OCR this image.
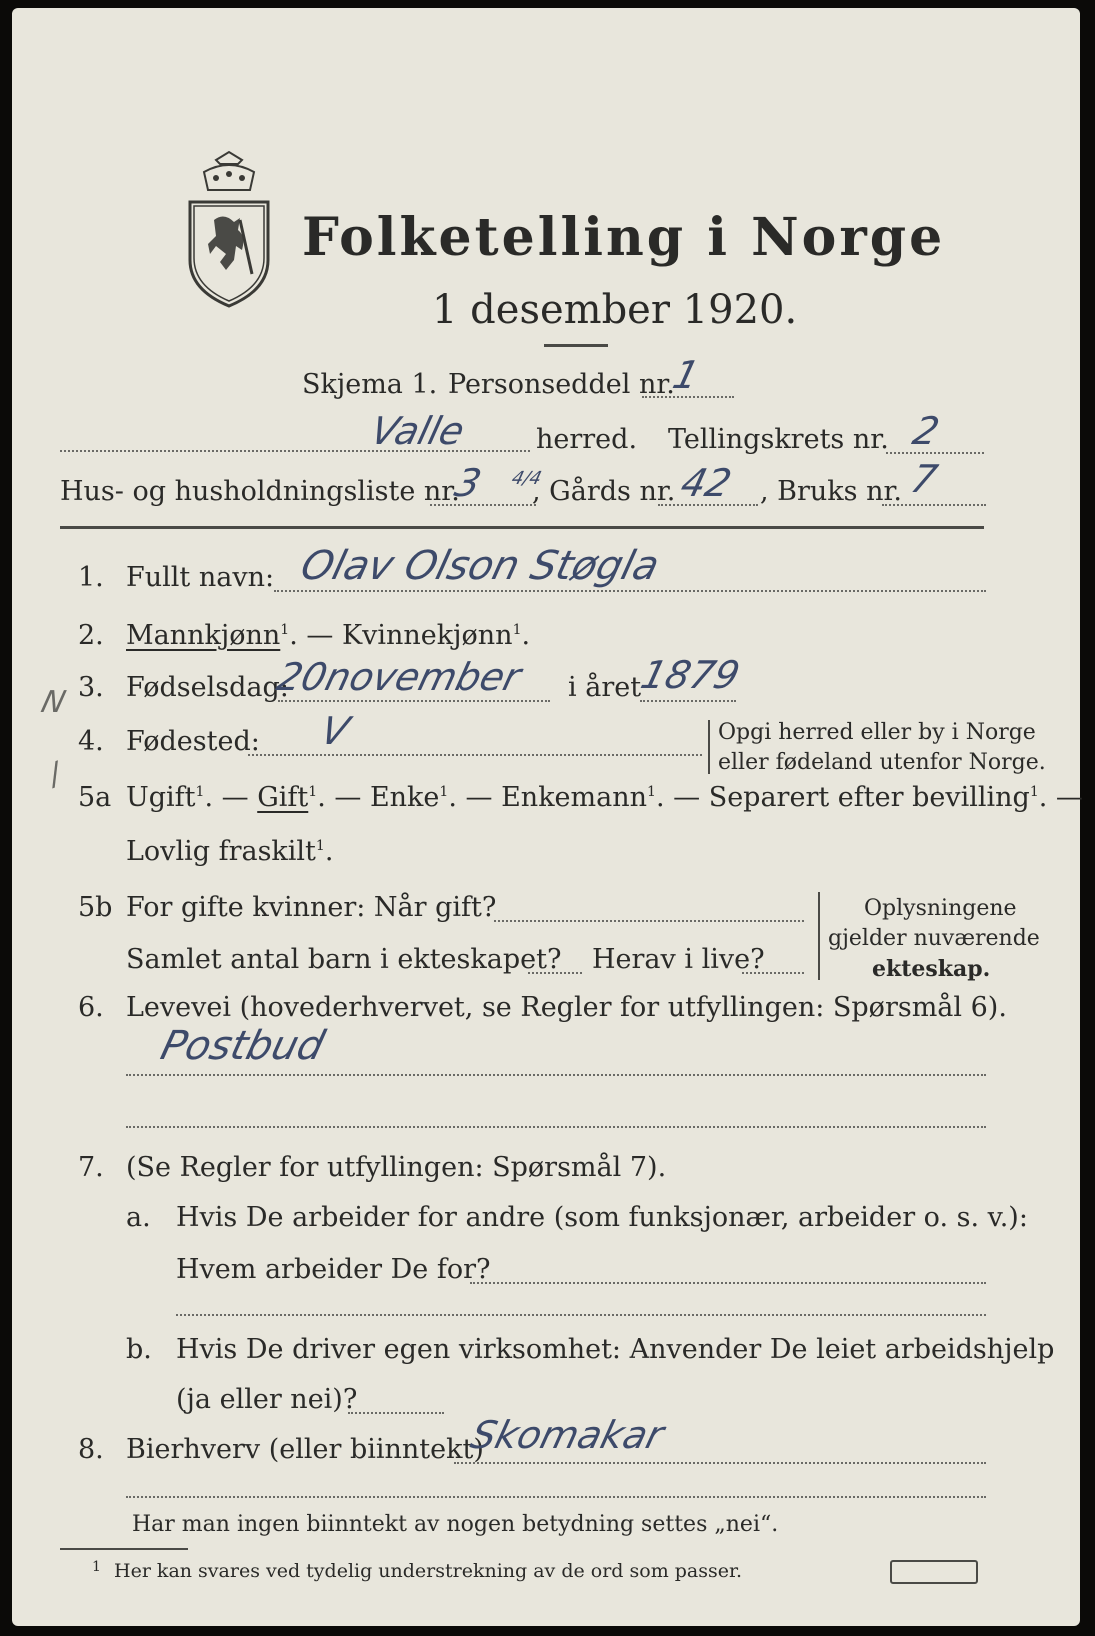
Folketelling i Norge
1 desember 1920.
Skjema 1. Personseddel nr.
1
Valle herred. Tellingskrets nr. 2
Hus- og husholdningsliste nr.
3 4/4
, Gårds nr. 42 , Bruks nr. 7
N
/
1. Fullt navn: Olav Olson Støgla
2. Mannkjønn$^1$. — Kvinnekjønn$^1$.
3. Fødselsdag:
20november i året
1879
4. Fødested: V	Opgi herred eller by i Norge
eller fødeland utenfor Norge.
5a Ugift$^1$. — Gift$^1$. — Enke$^1$. — Enkemann$^1$. — Separert efter bevilling$^1$. —
Lovlig fraskilt$^1$.
5b For gifte kvinner: Når gift?
Samlet antal barn i ekteskapet? Herav i live?
Oplysningene
gjelder nuværende
ekteskap.
6. Levevei (hovederhvervet, se Regler for utfyllingen: Spørsmål 6).
Postbud
7. (Se Regler for utfyllingen: Spørsmål 7).
a. Hvis De arbeider for andre (som funksjonær, arbeider o. s. v.):
Hvem arbeider De for?
b. Hvis De driver egen virksomhet: Anvender De leiet arbeidshjelp
(ja eller nei)?
8. Bierhverv (eller biinntekt)
Skomakar
Har man ingen biinntekt av nogen betydning settes „nei“.
1 Her kan svares ved tydelig understrekning av de ord som passer.
